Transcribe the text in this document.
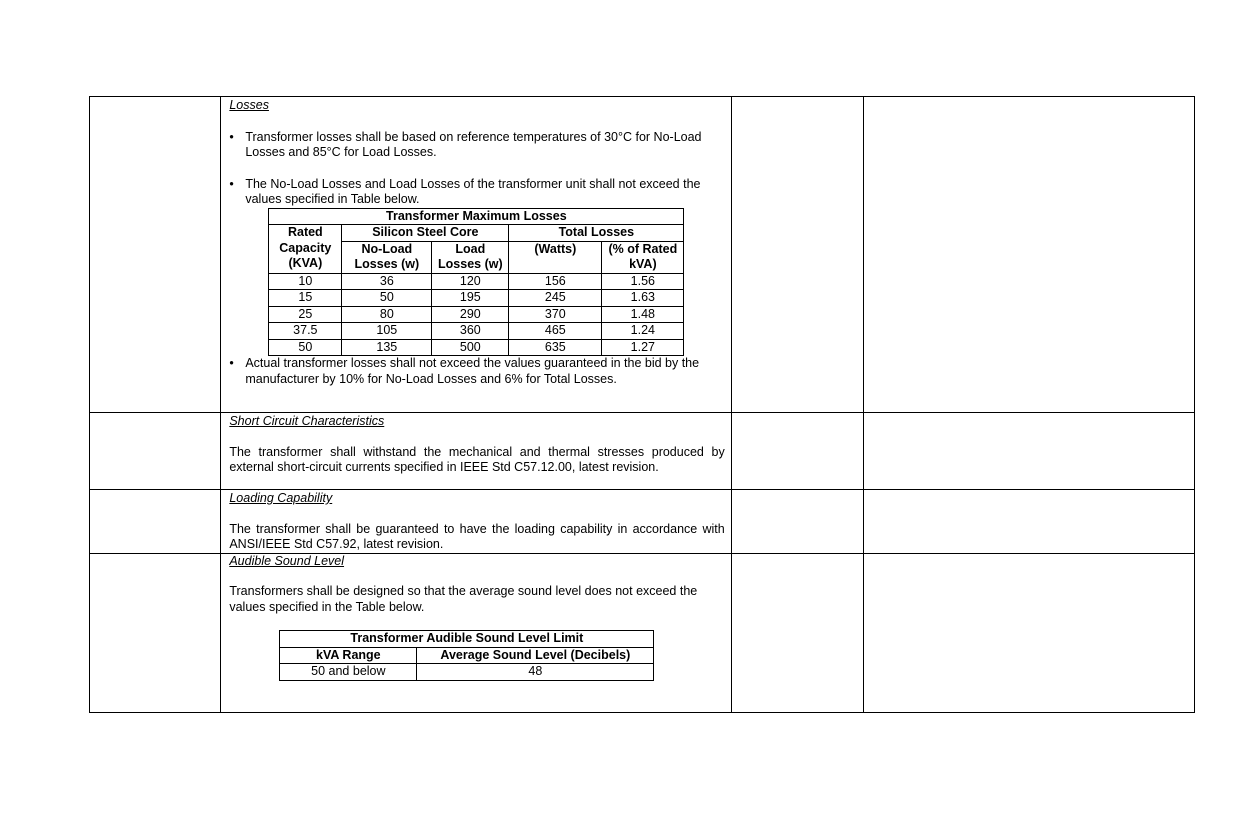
Losses
• Transformer losses shall be based on reference temperatures of 30°C for No-Load Losses and 85°C for Load Losses.
• The No-Load Losses and Load Losses of the transformer unit shall not exceed the values specified in Table below.
Transformer Maximum Losses
Rated Capacity (KVA)	Silicon Steel Core	Total Losses
No-Load Losses (w)	Load Losses (w)	(Watts)	(% of Rated kVA)
10	36	120	156	1.56
15	50	195	245	1.63
25	80	290	370	1.48
37.5	105	360	465	1.24
50	135	500	635	1.27
• Actual transformer losses shall not exceed the values guaranteed in the bid by the manufacturer by 10% for No-Load Losses and 6% for Total Losses.

Short Circuit Characteristics

The transformer shall withstand the mechanical and thermal stresses produced by external short-circuit currents specified in IEEE Std C57.12.00, latest revision.

Loading Capability

The transformer shall be guaranteed to have the loading capability in accordance with ANSI/IEEE Std C57.92, latest revision.

Audible Sound Level

Transformers shall be designed so that the average sound level does not exceed the values specified in the Table below.

Transformer Audible Sound Level Limit
kVA Range	Average Sound Level (Decibels)
50 and below	48
